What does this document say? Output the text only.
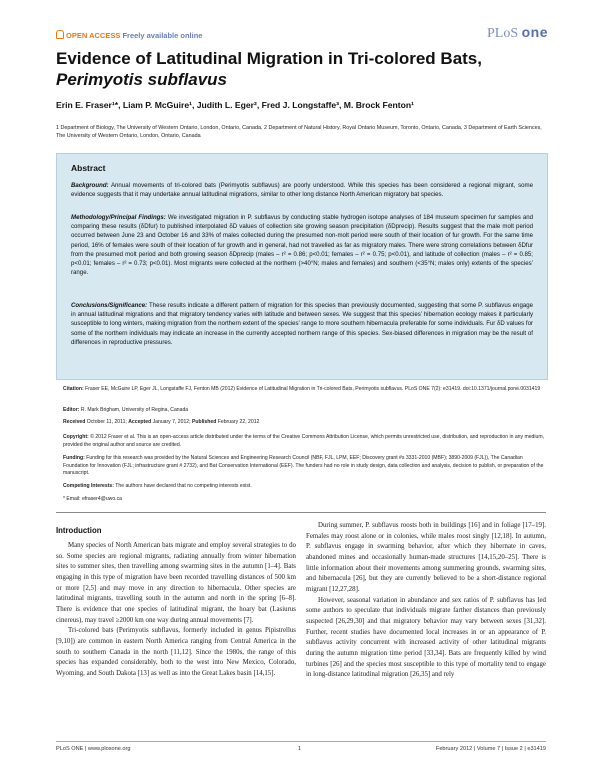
OPEN ACCESS Freely available online	PLoS one
Evidence of Latitudinal Migration in Tri-colored Bats,
Perimyotis subflavus
Erin E. Fraser¹*, Liam P. McGuire¹, Judith L. Eger², Fred J. Longstaffe³, M. Brock Fenton¹
1 Department of Biology, The University of Western Ontario, London, Ontario, Canada, 2 Department of Natural History, Royal Ontario Museum, Toronto, Ontario, Canada, 3 Department of Earth Sciences, The University of Western Ontario, London, Ontario, Canada
Abstract

Background: Annual movements of tri-colored bats (Perimyotis subflavus) are poorly understood. While this species has been considered a regional migrant, some evidence suggests that it may undertake annual latitudinal migrations, similar to other long distance North American migratory bat species.

Methodology/Principal Findings: We investigated migration in P. subflavus by conducting stable hydrogen isotope analyses of 184 museum specimen fur samples and comparing these results (δDfur) to published interpolated δD values of collection site growing season precipitation (δDprecip). Results suggest that the male molt period occurred between June 23 and October 16 and 33% of males collected during the presumed non-molt period were south of their location of fur growth. For the same time period, 16% of females were south of their location of fur growth and in general, had not travelled as far as migratory males. There were strong correlations between δDfur from the presumed molt period and both growing season δDprecip (males – r² = 0.86; p<0.01; females – r² = 0.75; p<0.01), and latitude of collection (males – r² = 0.85; p<0.01; females – r² = 0.73; p<0.01). Most migrants were collected at the northern (>40°N; males and females) and southern (<35°N; males only) extents of the species’ range.

Conclusions/Significance: These results indicate a different pattern of migration for this species than previously documented, suggesting that some P. subflavus engage in annual latitudinal migrations and that migratory tendency varies with latitude and between sexes. We suggest that this species’ hibernation ecology makes it particularly susceptible to long winters, making migration from the northern extent of the species’ range to more southern hibernacula preferable for some individuals. Fur δD values for some of the northern individuals may indicate an increase in the currently accepted northern range of this species. Sex-biased differences in migration may be the result of differences in reproductive pressures.

Citation: Fraser EE, McGuire LP, Eger JL, Longstaffe FJ, Fenton MB (2012) Evidence of Latitudinal Migration in Tri-colored Bats, Perimyotis subflavus. PLoS ONE 7(2): e31419. doi:10.1371/journal.pone.0031419
Editor: R. Mark Brigham, University of Regina, Canada
Received October 11, 2011; Accepted January 7, 2012; Published February 22, 2012
Copyright: © 2012 Fraser et al. This is an open-access article distributed under the terms of the Creative Commons Attribution License, which permits unrestricted use, distribution, and reproduction in any medium, provided the original author and source are credited.
Funding: Funding for this research was provided by the Natural Sciences and Engineering Research Council (NBF, FJL, LPM, EEF; Discovery grant #s 3331-2010 (MBF); 3890-2009 (FJL)), The Canadian Foundation for Innovation (FJL; infrastructure grant # 2732), and Bat Conservation International (EEF). The funders had no role in study design, data collection and analysis, decision to publish, or preparation of the manuscript.
Competing Interests: The authors have declared that no competing interests exist.
* Email: efraser4@uwo.ca
Introduction

Many species of North American bats migrate and employ several strategies to do so. Some species are regional migrants, radiating annually from winter hibernation sites to summer sites, then travelling among swarming sites in the autumn [1–4]. Bats engaging in this type of migration have been recorded travelling distances of 500 km or more [2,5] and may move in any direction to hibernacula. Other species are latitudinal migrants, travelling south in the autumn and north in the spring [6–8]. There is evidence that one species of latitudinal migrant, the hoary bat (Lasiurus cinereus), may travel ≥2000 km one way during annual movements [7].

Tri-colored bats (Perimyotis subflavus, formerly included in genus Pipistrellus [9,10]) are common in eastern North America ranging from Central America in the south to southern Canada in the north [11,12]. Since the 1980s, the range of this species has expanded considerably, both to the west into New Mexico, Colorado, Wyoming, and South Dakota [13] as well as into the Great Lakes basin [14,15].

During summer, P. subflavus roosts both in buildings [16] and in foliage [17–19]. Females may roost alone or in colonies, while males roost singly [12,18]. In autumn, P. subflavus engage in swarming behavior, after which they hibernate in caves, abandoned mines and occasionally human-made structures [14,15,20–25]. There is little information about their movements among summering grounds, swarming sites, and hibernacula [26], but they are currently believed to be a short-distance regional migrant [12,27,28].

However, seasonal variation in abundance and sex ratios of P. subflavus has led some authors to speculate that individuals migrate farther distances than previously suspected [26,29,30] and that migratory behavior may vary between sexes [31,32]. Further, recent studies have documented local increases in or an appearance of P. subflavus activity concurrent with increased activity of other latitudinal migrants during the autumn migration time period [33,34]. Bats are frequently killed by wind turbines [26] and the species most susceptible to this type of mortality tend to engage in long-distance latitudinal migration [26,35] and rely

PLoS ONE | www.plosone.org	1	February 2012 | Volume 7 | Issue 2 | e31419
